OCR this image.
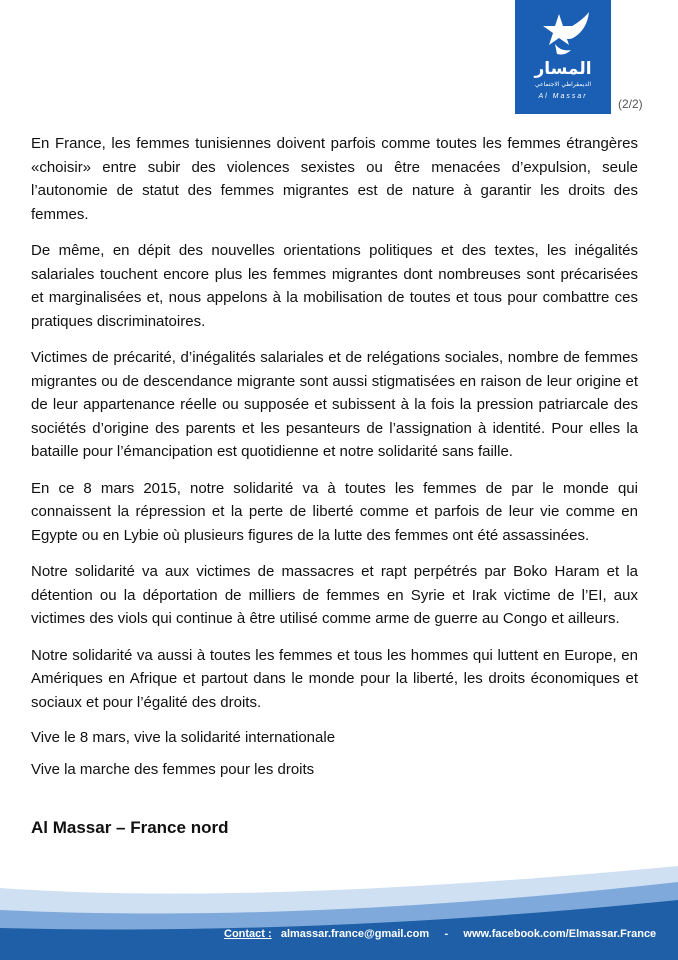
المسار
الديمقراطي الاجتماعي
Al Massar
(2/2)

En France, les femmes tunisiennes doivent parfois comme toutes les femmes étrangères «choisir» entre subir des violences sexistes ou être menacées d’expulsion, seule l’autonomie de statut des femmes migrantes est de nature à garantir les droits des femmes.

De même, en dépit des nouvelles orientations politiques et des textes, les inégalités salariales touchent encore plus les femmes migrantes dont nombreuses sont précarisées et marginalisées et, nous appelons à la mobilisation de toutes et tous pour combattre ces pratiques discriminatoires.

Victimes de précarité, d’inégalités salariales et de relégations sociales, nombre de femmes migrantes ou de descendance migrante sont aussi stigmatisées en raison de leur origine et de leur appartenance réelle ou supposée et subissent à la fois la pression patriarcale des sociétés d’origine des parents et les pesanteurs de l’assignation à identité. Pour elles la bataille pour l’émancipation est quotidienne et notre solidarité sans faille.

En ce 8 mars 2015, notre solidarité va à toutes les femmes de par le monde qui connaissent la répression et la perte de liberté comme et parfois de leur vie comme en Egypte ou en Lybie où plusieurs figures de la lutte des femmes ont été assassinées.

Notre solidarité va aux victimes de massacres et rapt perpétrés par Boko Haram et la détention ou la déportation de milliers de femmes en Syrie et Irak victime de l’EI, aux victimes des viols qui continue à être utilisé comme arme de guerre au Congo et ailleurs.

Notre solidarité va aussi à toutes les femmes et tous les hommes qui luttent en Europe, en Amériques en Afrique et partout dans le monde pour la liberté, les droits économiques et sociaux et pour l’égalité des droits.

Vive le 8 mars, vive la solidarité internationale

Vive la marche des femmes pour les droits

Al Massar – France nord
Contact : almassar.france@gmail.com - www.facebook.com/Elmassar.France
